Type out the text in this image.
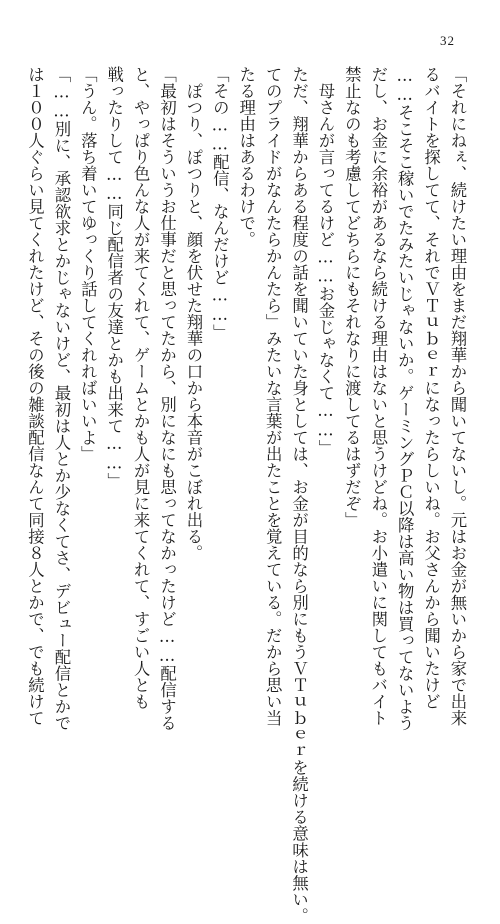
32

「それにねぇ、続けたい理由をまだ翔華から聞いてないし。元はお金が無いから家で出来

るバイトを探してて、それでＶＴｕｂｅｒになったらしいね。お父さんから聞いたけど

……そこそこ稼いでたみたいじゃないか。ゲーミングＰＣ以降は高い物は買ってないよう

だし、お金に余裕があるなら続ける理由はないと思うけどね。お小遣いに関してもバイト

禁止なのも考慮してどちらにもそれなりに渡してるはずだぞ」

　母さんが言ってるけど……お金じゃなくて……」

ただ、翔華からある程度の話を聞いていた身としては、お金が目的なら別にもうＶＴｕｂｅｒを続ける意味は無い。

てのプライドがなんたらかんたら」みたいな言葉が出たことを覚えている。だから思い当

たる理由はあるわけで。

「その……配信、なんだけど……」

　ぽつり、ぽつりと、顔を伏せた翔華の口から本音がこぼれ出る。

「最初はそういうお仕事だと思ってたから、別になにも思ってなかったけど……配信する

と、やっぱり色んな人が来てくれて、ゲームとかも人が見に来てくれて、すごい人とも

戦ったりして……同じ配信者の友達とかも出来て……」

「うん。落ち着いてゆっくり話してくれればいいよ」

「……別に、承認欲求とかじゃないけど、最初は人とか少なくてさ、デビュー配信とかで

は１００人ぐらい見てくれたけど、その後の雑談配信なんて同接８人とかで、でも続けて
